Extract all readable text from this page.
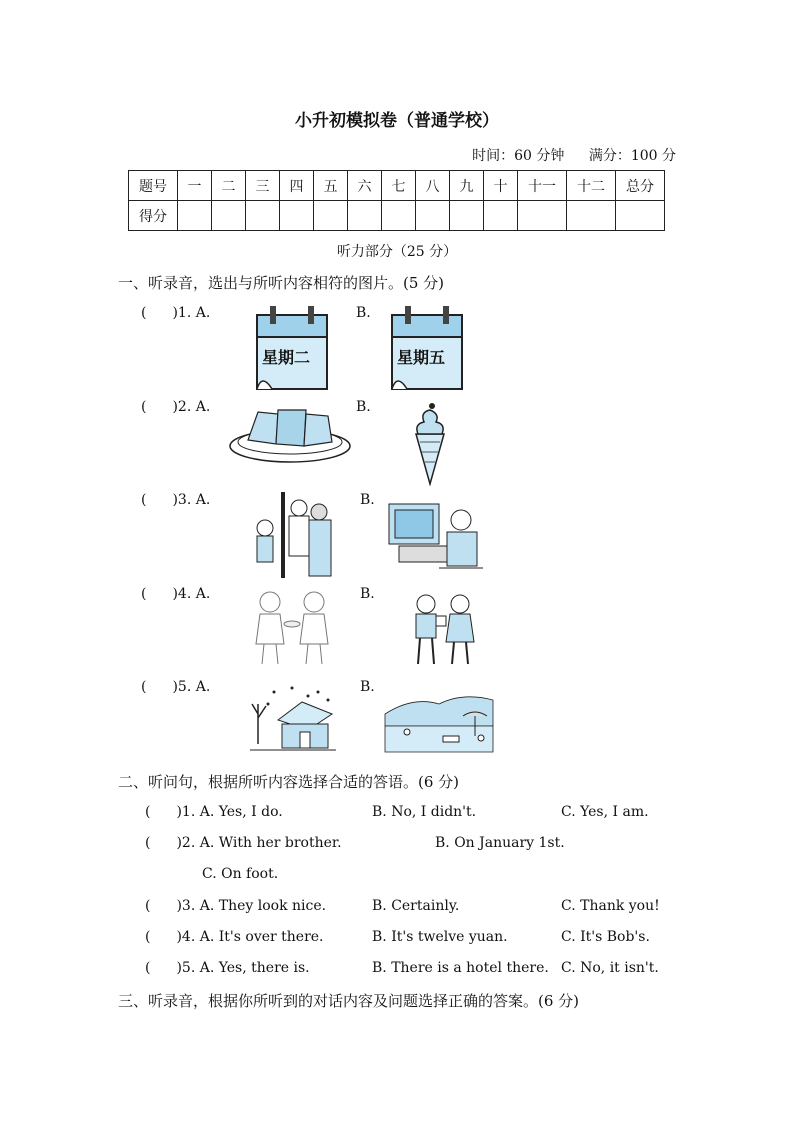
小升初模拟卷（普通学校）
时间：60 分钟 满分：100 分
题号	一	二	三	四	五	六	七	八	九	十	十一	十二	总分
得分													
听力部分（25 分）
一、听录音，选出与所听内容相符的图片。(5 分)
( )1. A.	B.
星期二	星期五
( )2. A.	B.
( )3. A.	B.
( )4. A.	B.
( )5. A.	B.
二、听问句，根据所听内容选择合适的答语。(6 分)
( )1. A. Yes, I do.	B. No, I didn't.	C. Yes, I am.
( )2. A. With her brother.	B. On January 1st.
C. On foot.
( )3. A. They look nice.	B. Certainly.	C. Thank you!
( )4. A. It's over there.	B. It's twelve yuan.	C. It's Bob's.
( )5. A. Yes, there is.	B. There is a hotel there. C. No, it isn't.
三、听录音，根据你所听到的对话内容及问题选择正确的答案。(6 分)
